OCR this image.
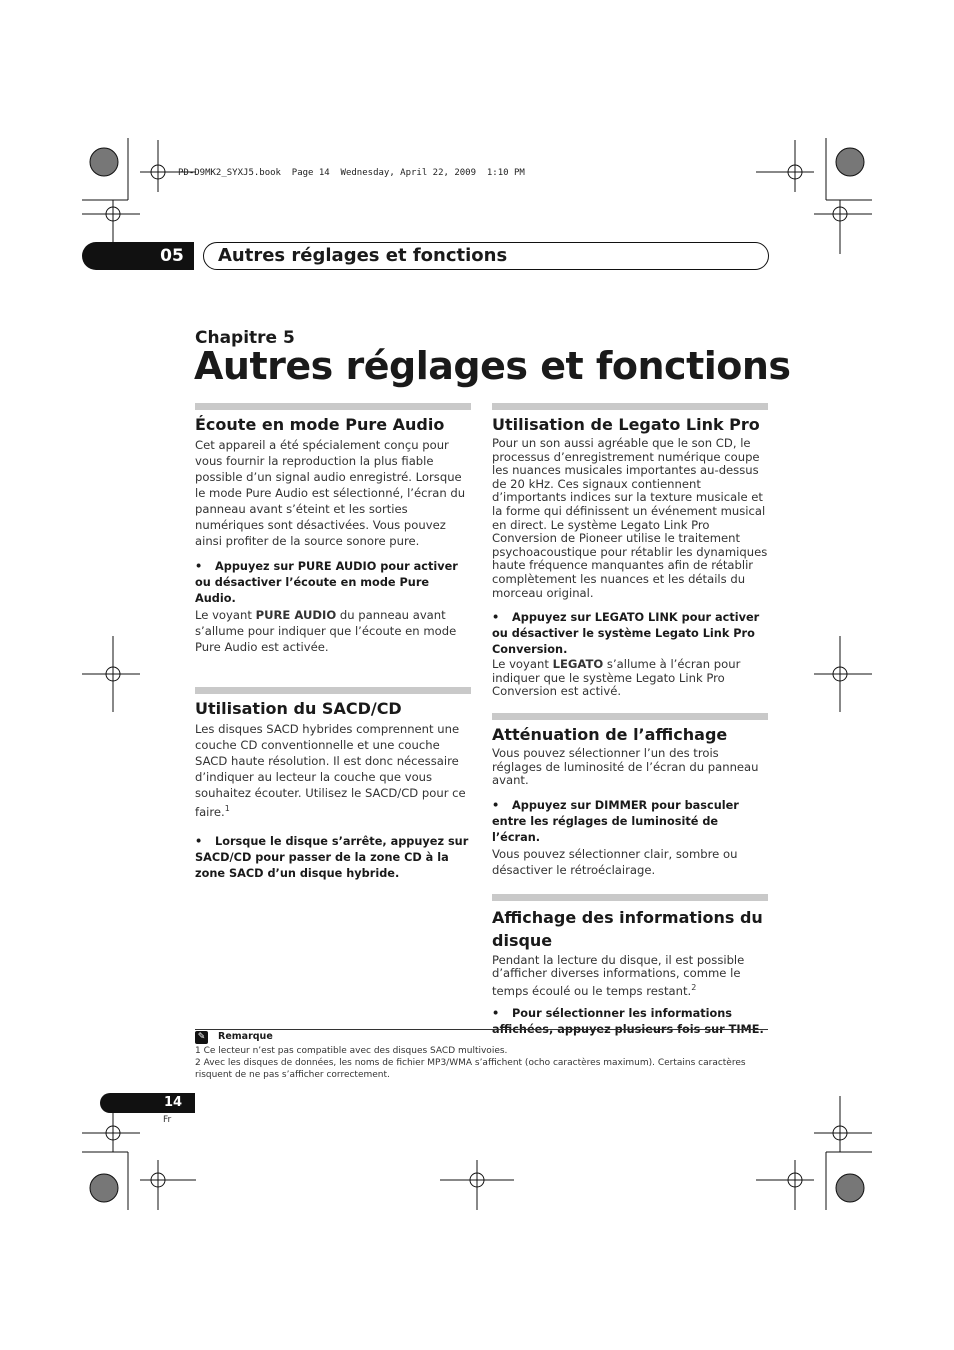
PD-D9MK2_SYXJ5.book  Page 14  Wednesday, April 22, 2009  1:10 PM
05	Autres réglages et fonctions
Chapitre 5
Autres réglages et fonctions
Écoute en mode Pure Audio
Cet appareil a été spécialement conçu pour vous fournir la reproduction la plus fiable possible d’un signal audio enregistré. Lorsque le mode Pure Audio est sélectionné, l’écran du panneau avant s’éteint et les sorties numériques sont désactivées. Vous pouvez ainsi profiter de la source sonore pure.
• Appuyez sur PURE AUDIO pour activer ou désactiver l’écoute en mode Pure Audio.
Le voyant PURE AUDIO du panneau avant s’allume pour indiquer que l’écoute en mode Pure Audio est activée.
Utilisation du SACD/CD
Les disques SACD hybrides comprennent une couche CD conventionnelle et une couche SACD haute résolution. Il est donc nécessaire d’indiquer au lecteur la couche que vous souhaitez écouter. Utilisez le SACD/CD pour ce faire.$^1$
• Lorsque le disque s’arrête, appuyez sur SACD/CD pour passer de la zone CD à la zone SACD d’un disque hybride.
Utilisation de Legato Link Pro
Pour un son aussi agréable que le son CD, le processus d’enregistrement numérique coupe les nuances musicales importantes au-dessus de 20 kHz. Ces signaux contiennent d’importants indices sur la texture musicale et la forme qui définissent un événement musical en direct. Le système Legato Link Pro Conversion de Pioneer utilise le traitement psychoacoustique pour rétablir les dynamiques haute fréquence manquantes afin de rétablir complètement les nuances et les détails du morceau original.
• Appuyez sur LEGATO LINK pour activer ou désactiver le système Legato Link Pro Conversion.
Le voyant LEGATO s’allume à l’écran pour indiquer que le système Legato Link Pro Conversion est activé.
Atténuation de l’affichage
Vous pouvez sélectionner l’un des trois réglages de luminosité de l’écran du panneau avant.
• Appuyez sur DIMMER pour basculer entre les réglages de luminosité de l’écran.
Vous pouvez sélectionner clair, sombre ou désactiver le rétroéclairage.
Affichage des informations du disque
Pendant la lecture du disque, il est possible d’afficher diverses informations, comme le temps écoulé ou le temps restant.$^2$
• Pour sélectionner les informations
✎ Remarque
1 Ce lecteur n’est pas compatible avec des disques SACD multivoies.
2 Avec les disques de données, les noms de fichier MP3/WMA s’affichent (ocho caractères maximum). Certains caractères risquent de ne pas s’afficher correctement.
14
Fr
